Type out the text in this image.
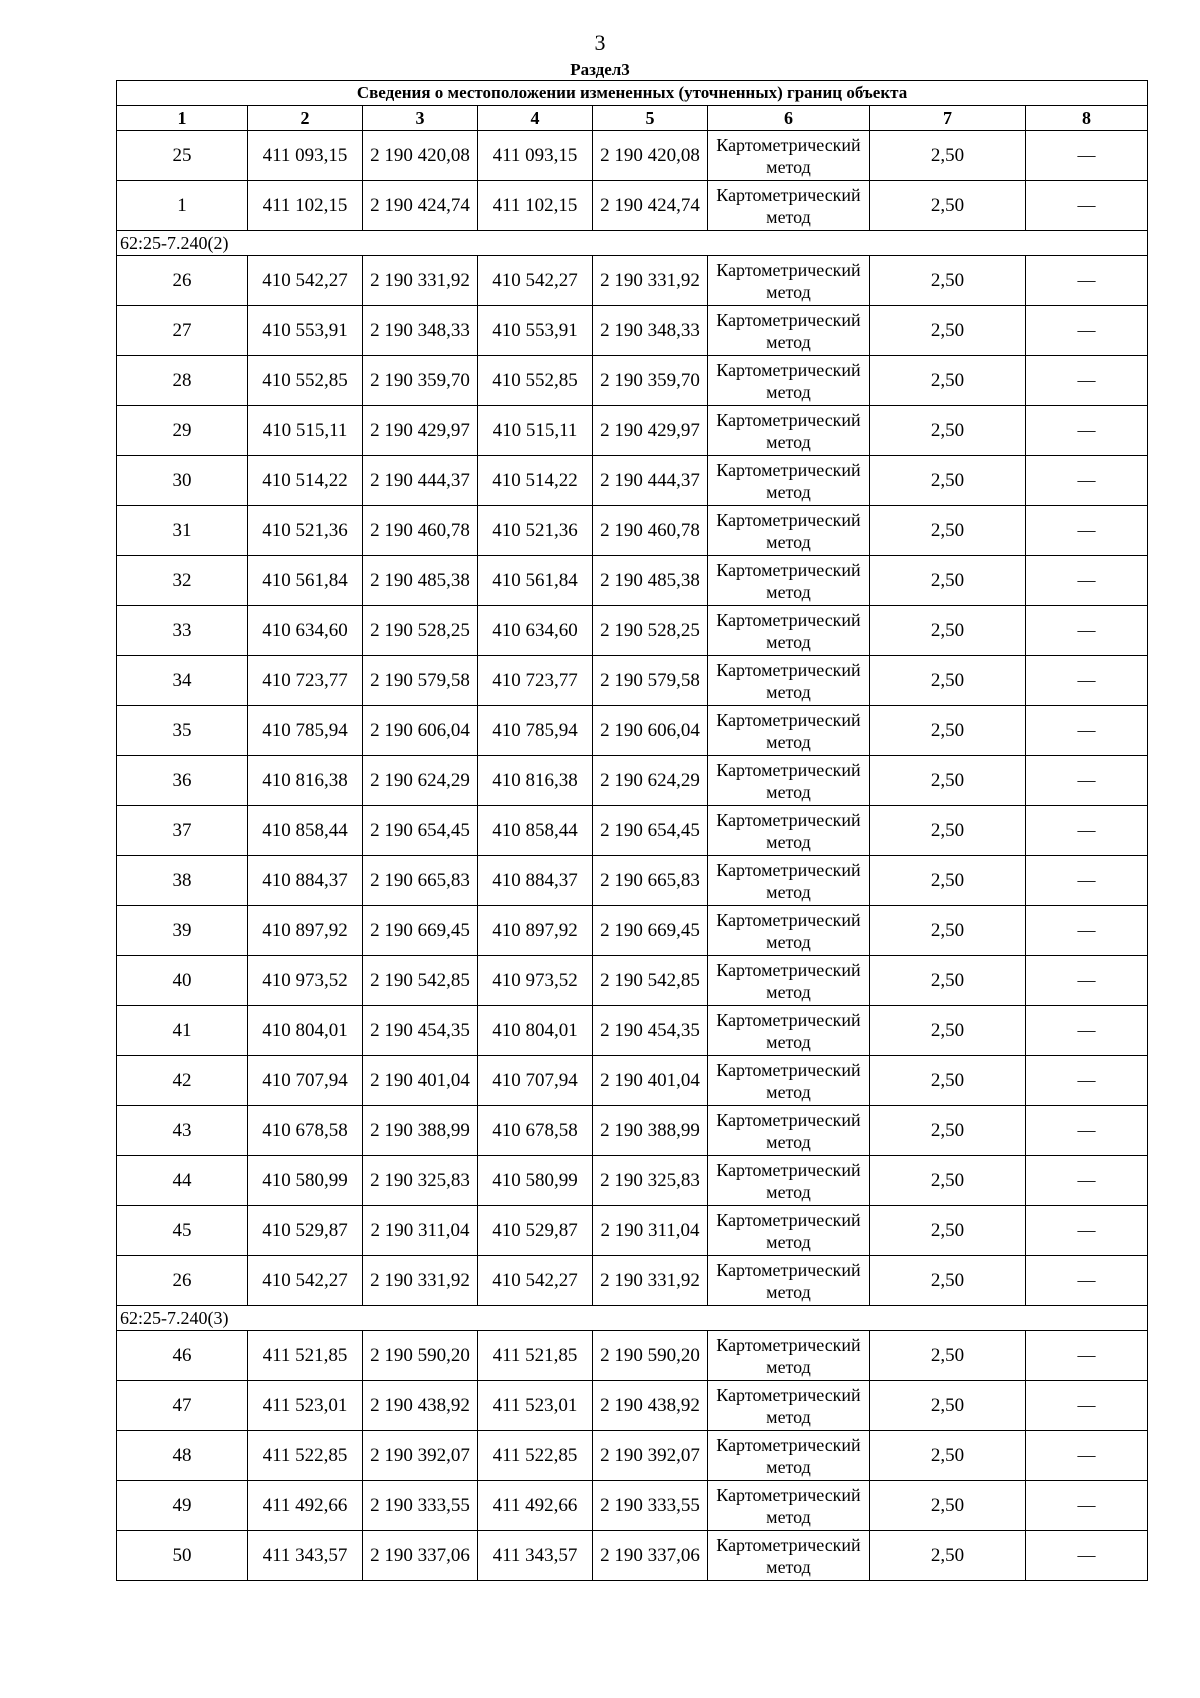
3
Раздел3
Сведения о местоположении измененных (уточненных) границ объекта							
1	2	3	4	5	6	7	8
25	411 093,15	2 190 420,08	411 093,15	2 190 420,08	Картометрический метод	2,50	—
1	411 102,15	2 190 424,74	411 102,15	2 190 424,74	Картометрический метод	2,50	—
62:25-7.240(2)							
26	410 542,27	2 190 331,92	410 542,27	2 190 331,92	Картометрический метод	2,50	—
27	410 553,91	2 190 348,33	410 553,91	2 190 348,33	Картометрический метод	2,50	—
28	410 552,85	2 190 359,70	410 552,85	2 190 359,70	Картометрический метод	2,50	—
29	410 515,11	2 190 429,97	410 515,11	2 190 429,97	Картометрический метод	2,50	—
30	410 514,22	2 190 444,37	410 514,22	2 190 444,37	Картометрический метод	2,50	—
31	410 521,36	2 190 460,78	410 521,36	2 190 460,78	Картометрический метод	2,50	—
32	410 561,84	2 190 485,38	410 561,84	2 190 485,38	Картометрический метод	2,50	—
33	410 634,60	2 190 528,25	410 634,60	2 190 528,25	Картометрический метод	2,50	—
34	410 723,77	2 190 579,58	410 723,77	2 190 579,58	Картометрический метод	2,50	—
35	410 785,94	2 190 606,04	410 785,94	2 190 606,04	Картометрический метод	2,50	—
36	410 816,38	2 190 624,29	410 816,38	2 190 624,29	Картометрический метод	2,50	—
37	410 858,44	2 190 654,45	410 858,44	2 190 654,45	Картометрический метод	2,50	—
38	410 884,37	2 190 665,83	410 884,37	2 190 665,83	Картометрический метод	2,50	—
39	410 897,92	2 190 669,45	410 897,92	2 190 669,45	Картометрический метод	2,50	—
40	410 973,52	2 190 542,85	410 973,52	2 190 542,85	Картометрический метод	2,50	—
41	410 804,01	2 190 454,35	410 804,01	2 190 454,35	Картометрический метод	2,50	—
42	410 707,94	2 190 401,04	410 707,94	2 190 401,04	Картометрический метод	2,50	—
43	410 678,58	2 190 388,99	410 678,58	2 190 388,99	Картометрический метод	2,50	—
44	410 580,99	2 190 325,83	410 580,99	2 190 325,83	Картометрический метод	2,50	—
45	410 529,87	2 190 311,04	410 529,87	2 190 311,04	Картометрический метод	2,50	—
26	410 542,27	2 190 331,92	410 542,27	2 190 331,92	Картометрический метод	2,50	—
62:25-7.240(3)							
46	411 521,85	2 190 590,20	411 521,85	2 190 590,20	Картометрический метод	2,50	—
47	411 523,01	2 190 438,92	411 523,01	2 190 438,92	Картометрический метод	2,50	—
48	411 522,85	2 190 392,07	411 522,85	2 190 392,07	Картометрический метод	2,50	—
49	411 492,66	2 190 333,55	411 492,66	2 190 333,55	Картометрический метод	2,50	—
50	411 343,57	2 190 337,06	411 343,57	2 190 337,06	Картометрический метод	2,50	—
